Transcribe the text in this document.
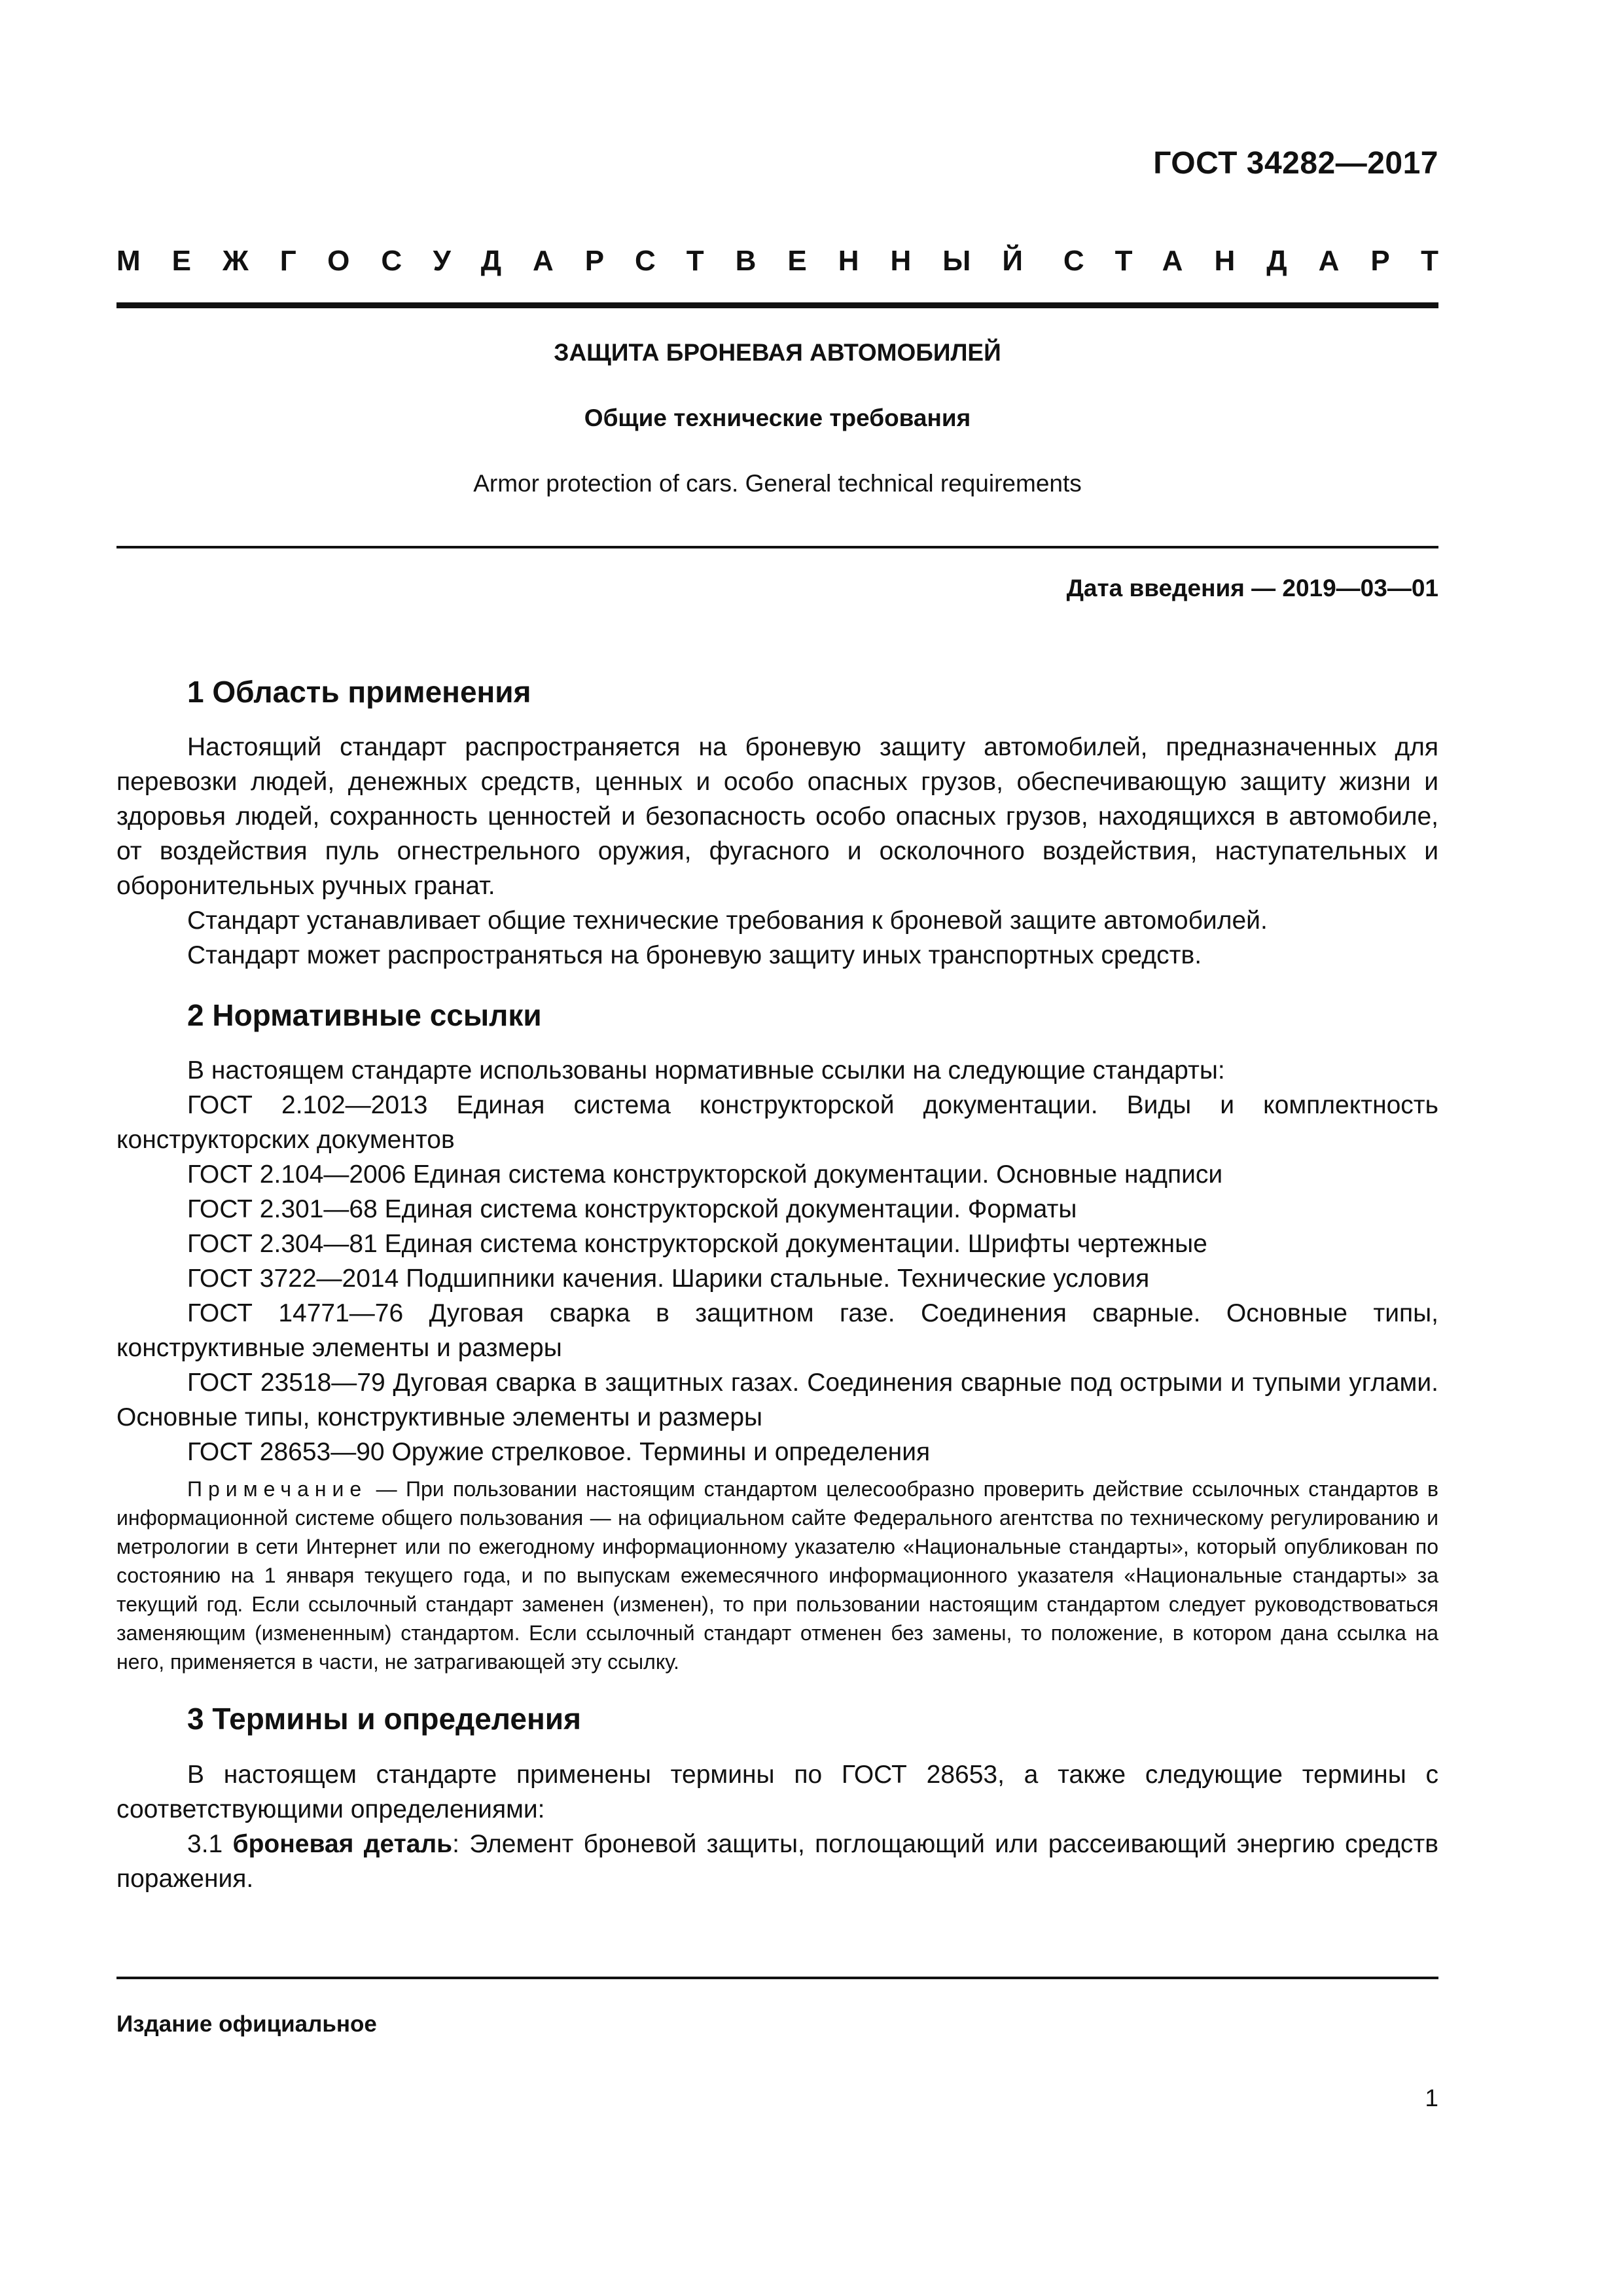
ГОСТ 34282—2017
МЕЖГОСУДАРСТВЕННЫЙ СТАНДАРТ
ЗАЩИТА БРОНЕВАЯ АВТОМОБИЛЕЙ
Общие технические требования
Armor protection of cars. General technical requirements
Дата введения — 2019—03—01
1 Область применения

Настоящий стандарт распространяется на броневую защиту автомобилей, предназначенных для перевозки людей, денежных средств, ценных и особо опасных грузов, обеспечивающую защиту жизни и здоровья людей, сохранность ценностей и безопасность особо опасных грузов, находящихся в автомобиле, от воздействия пуль огнестрельного оружия, фугасного и осколочного воздействия, наступательных и оборонительных ручных гранат.

Стандарт устанавливает общие технические требования к броневой защите автомобилей.

Стандарт может распространяться на броневую защиту иных транспортных средств.

2 Нормативные ссылки

В настоящем стандарте использованы нормативные ссылки на следующие стандарты:

ГОСТ 2.102—2013 Единая система конструкторской документации. Виды и комплектность конструкторских документов
ГОСТ 2.104—2006 Единая система конструкторской документации. Основные надписи
ГОСТ 2.301—68 Единая система конструкторской документации. Форматы
ГОСТ 2.304—81 Единая система конструкторской документации. Шрифты чертежные
ГОСТ 3722—2014 Подшипники качения. Шарики стальные. Технические условия
ГОСТ 14771—76 Дуговая сварка в защитном газе. Соединения сварные. Основные типы, конструктивные элементы и размеры
ГОСТ 23518—79 Дуговая сварка в защитных газах. Соединения сварные под острыми и тупыми углами. Основные типы, конструктивные элементы и размеры
ГОСТ 28653—90 Оружие стрелковое. Термины и определения

Примечание — При пользовании настоящим стандартом целесообразно проверить действие ссылочных стандартов в информационной системе общего пользования — на официальном сайте Федерального агентства по техническому регулированию и метрологии в сети Интернет или по ежегодному информационному указателю «Национальные стандарты», который опубликован по состоянию на 1 января текущего года, и по выпускам ежемесячного информационного указателя «Национальные стандарты» за текущий год. Если ссылочный стандарт заменен (изменен), то при пользовании настоящим стандартом следует руководствоваться заменяющим (измененным) стандартом. Если ссылочный стандарт отменен без замены, то положение, в котором дана ссылка на него, применяется в части, не затрагивающей эту ссылку.

3 Термины и определения

В настоящем стандарте применены термины по ГОСТ 28653, а также следующие термины с соответствующими определениями:

3.1 броневая деталь: Элемент броневой защиты, поглощающий или рассеивающий энергию средств поражения.

Издание официальное
1
